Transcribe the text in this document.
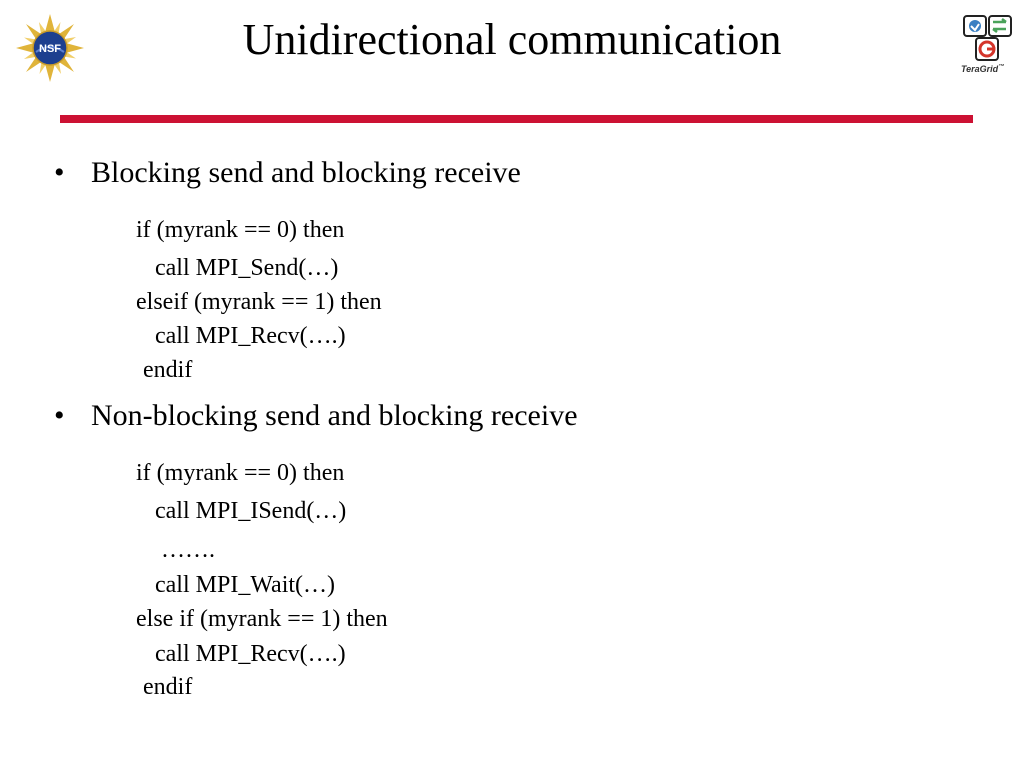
NSF	Unidirectional communication
TeraGrid™
• Blocking send and blocking receive
if (myrank == 0) then
call MPI_Send(…)
elseif (myrank == 1) then
call MPI_Recv(….)
endif
• Non-blocking send and blocking receive
if (myrank == 0) then
call MPI_ISend(…)
…….
call MPI_Wait(…)
else if (myrank == 1) then
call MPI_Recv(….)
endif
